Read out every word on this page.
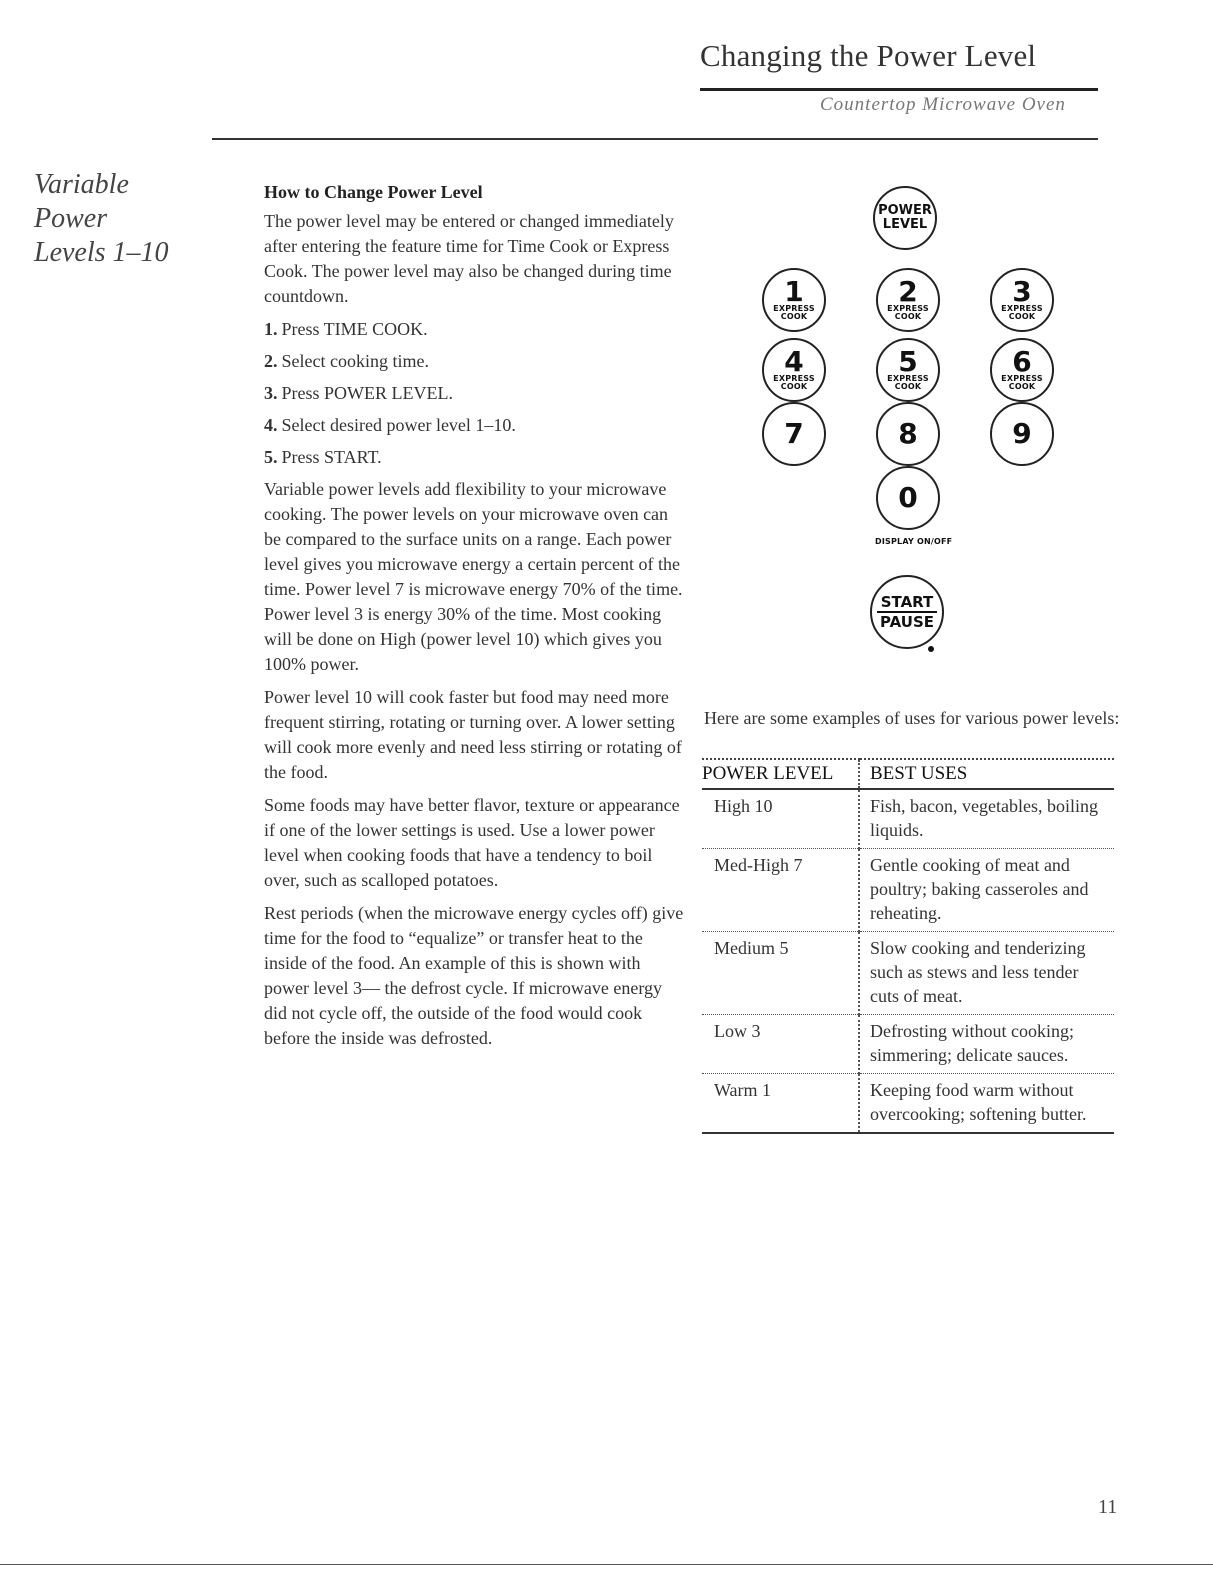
Changing the Power Level
Countertop Microwave Oven
Variable
Power
Levels 1–10
How to Change Power Level

The power level may be entered or changed immediately after entering the feature time for Time Cook or Express Cook. The power level may also be changed during time countdown.

1. Press TIME COOK.
2. Select cooking time.
3. Press POWER LEVEL.
4. Select desired power level 1–10.
5. Press START.

Variable power levels add flexibility to your microwave cooking. The power levels on your microwave oven can be compared to the surface units on a range. Each power level gives you microwave energy a certain percent of the time. Power level 7 is microwave energy 70% of the time. Power level 3 is energy 30% of the time. Most cooking will be done on High (power level 10) which gives you 100% power.

Power level 10 will cook faster but food may need more frequent stirring, rotating or turning over. A lower setting will cook more evenly and need less stirring or rotating of the food.

Some foods may have better flavor, texture or appearance if one of the lower settings is used. Use a lower power level when cooking foods that have a tendency to boil over, such as scalloped potatoes.

Rest periods (when the microwave energy cycles off) give time for the food to “equalize” or transfer heat to the inside of the food. An example of this is shown with power level 3— the defrost cycle. If microwave energy did not cycle off, the outside of the food would cook before the inside was defrosted.

POWER
LEVEL
1
EXPRESS
COOK
2
EXPRESS
COOK
3
EXPRESS
COOK
4
EXPRESS
COOK
5
EXPRESS
COOK
6
EXPRESS
COOK
7	8	9
0
DISPLAY ON/OFF
START
PAUSE
Here are some examples of uses for various power levels:
POWER LEVEL	BEST USES
High 10	Fish, bacon, vegetables, boiling liquids.
Med-High 7	Gentle cooking of meat and poultry; baking casseroles and reheating.
Medium 5	Slow cooking and tenderizing such as stews and less tender cuts of meat.
Low 3	Defrosting without cooking; simmering; delicate sauces.
Warm 1	Keeping food warm without overcooking; softening butter.
11
